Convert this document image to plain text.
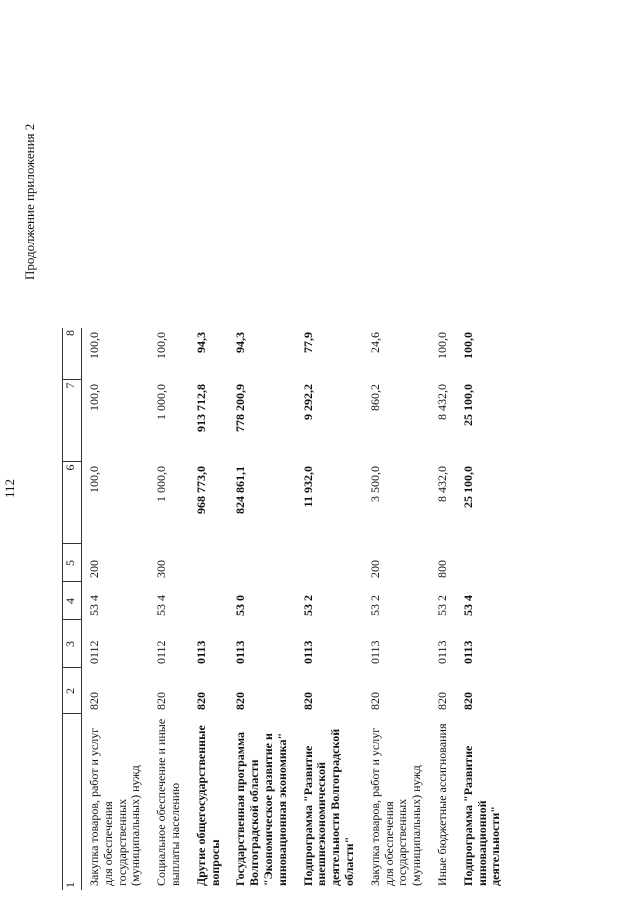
112
Продолжение приложения 2
1	2	3	4	5	6	7	8
Закупка товаров, работ и услуг для обеспечения государственных (муниципальных) нужд	820	0112	53 4	200	100,0	100,0	100,0
Социальное обеспечение и иные выплаты населению	820	0112	53 4	300	1 000,0	1 000,0	100,0
Другие общегосударственные вопросы	820	0113			968 773,0	913 712,8	94,3
Государственная программа Волгоградской области "Экономическое развитие и инновационная экономика"	820	0113	53 0		824 861,1	778 200,9	94,3
Подпрограмма "Развитие внешнеэкономической деятельности Волгоградской области"	820	0113	53 2		11 932,0	9 292,2	77,9
Закупка товаров, работ и услуг для обеспечения государственных (муниципальных) нужд	820	0113	53 2	200	3 500,0	860,2	24,6
Иные бюджетные ассигнования	820	0113	53 2	800	8 432,0	8 432,0	100,0
Подпрограмма "Развитие инновационной деятельности"	820	0113	53 4		25 100,0	25 100,0	100,0
